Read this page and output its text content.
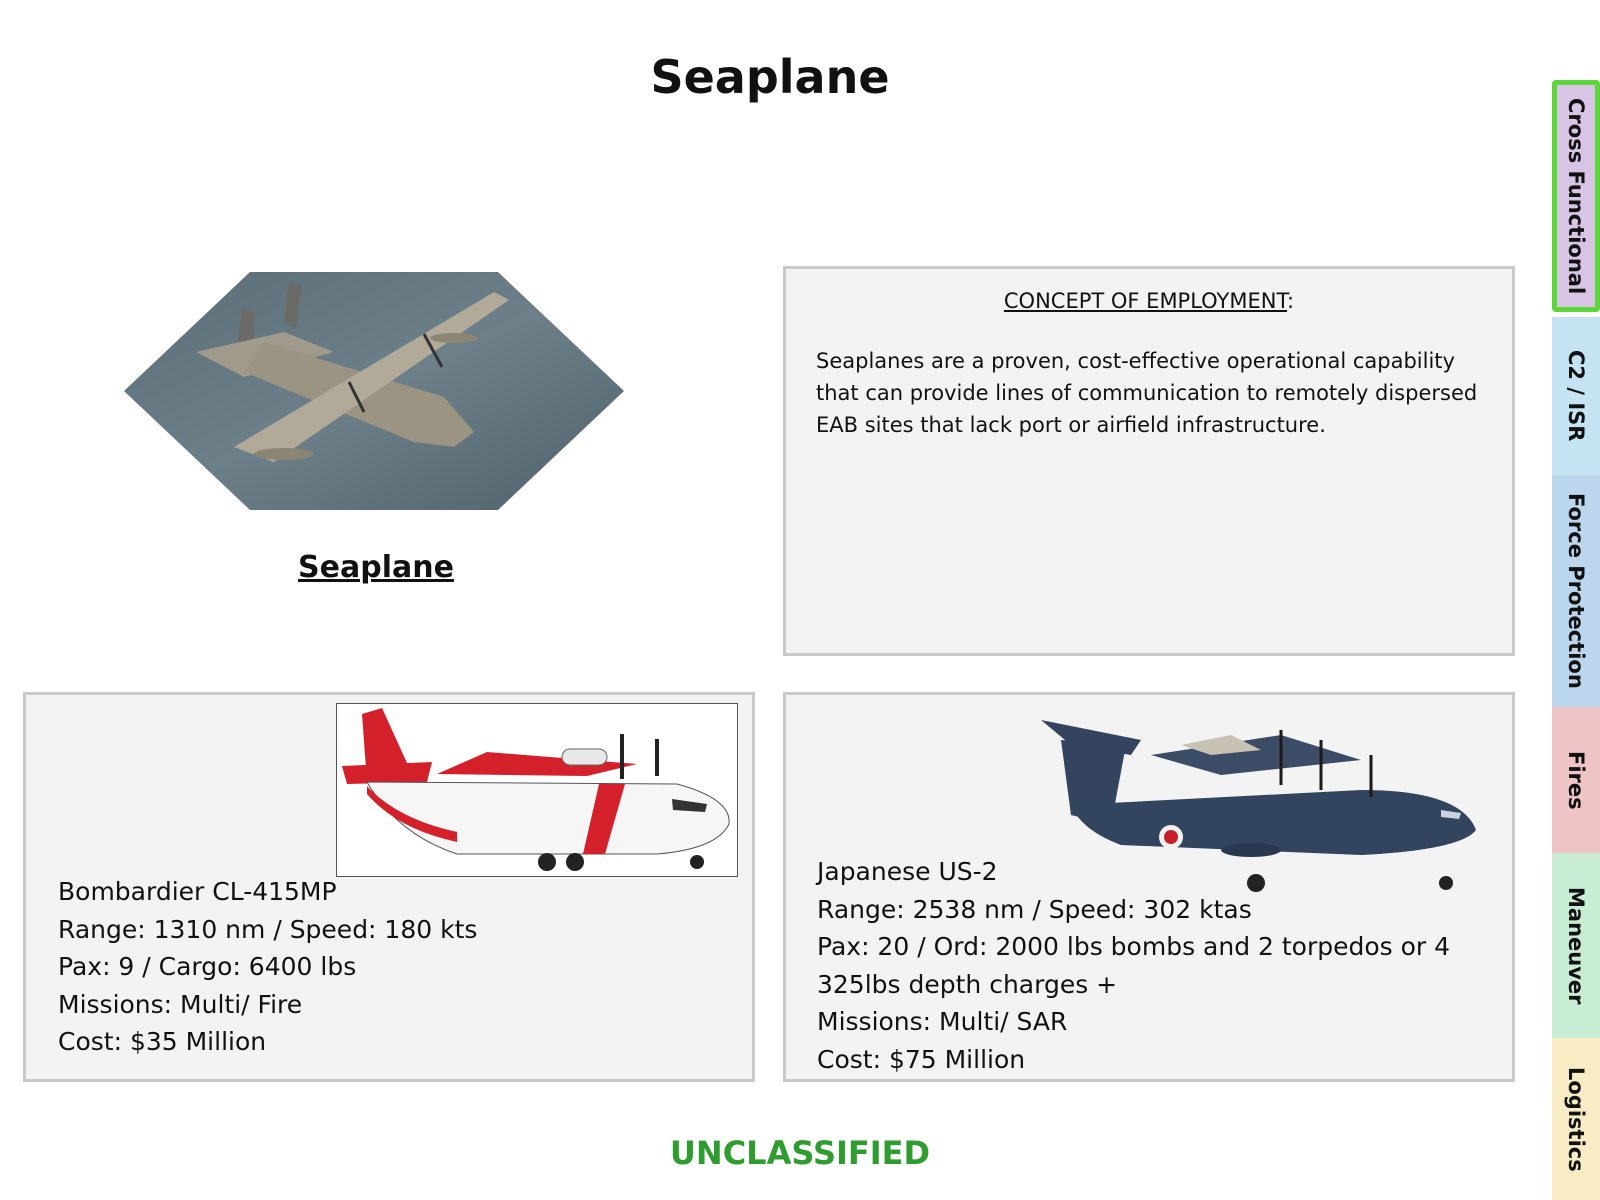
Seaplane
Seaplane
CONCEPT OF EMPLOYMENT:
Seaplanes are a proven, cost-effective operational capability that can provide lines of communication to remotely dispersed EAB sites that lack port or airfield infrastructure.
Bombardier CL-415MP
Range: 1310 nm / Speed: 180 kts
Pax: 9 / Cargo: 6400 lbs
Missions: Multi/ Fire
Cost: $35 Million
Japanese US-2
Range: 2538 nm / Speed: 302 ktas
Pax: 20 / Ord: 2000 lbs bombs and 2 torpedos or 4 325lbs depth charges +
Missions: Multi/ SAR
Cost: $75 Million
UNCLASSIFIED
Cross Functional
C2 / ISR
Force Protection
Fires
Maneuver
Logistics
